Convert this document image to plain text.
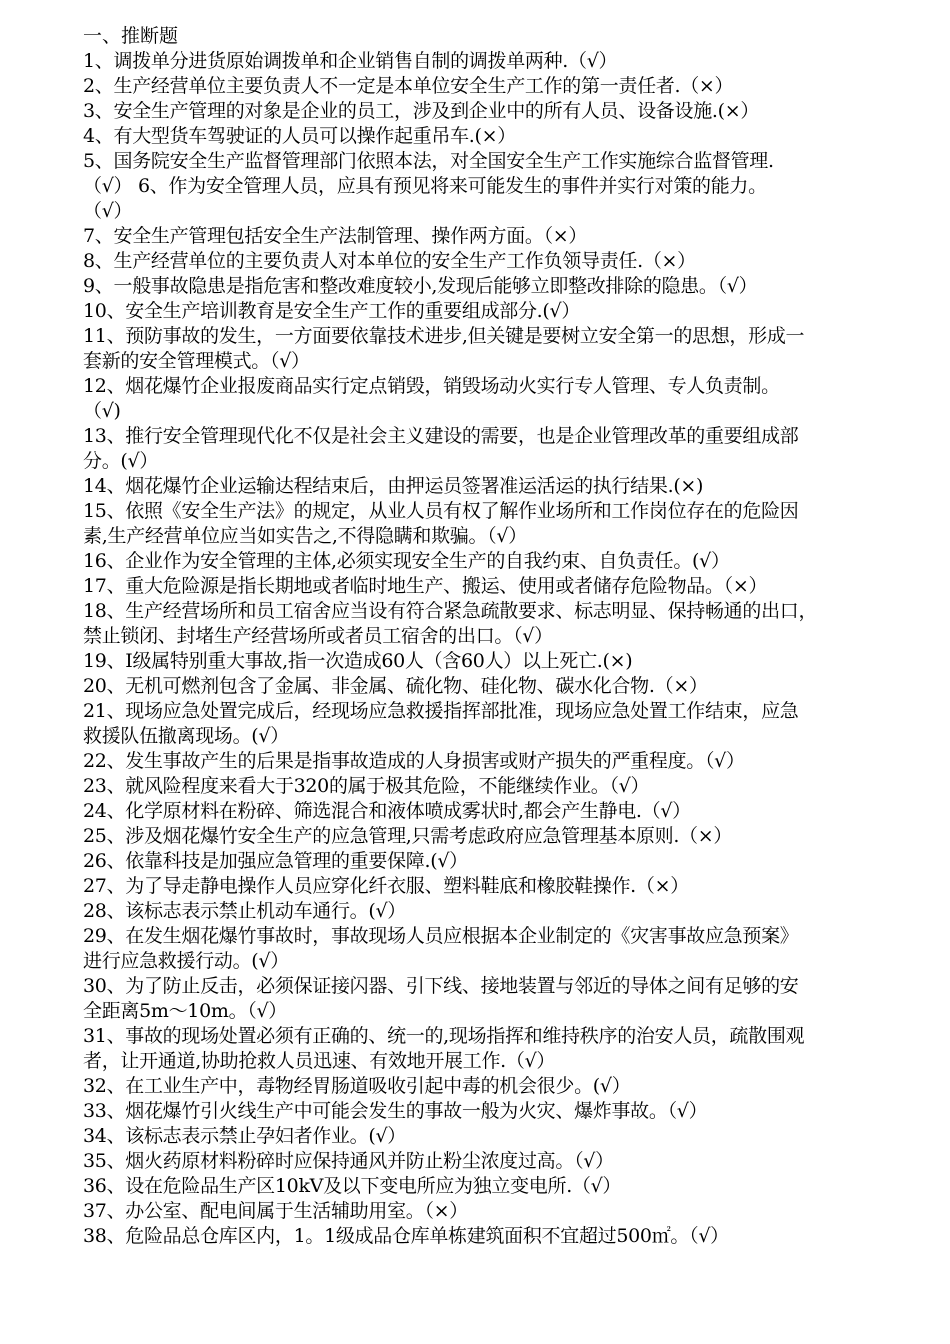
一、推断题
1、调拨单分进货原始调拨单和企业销售自制的调拨单两种.（√）
2、生产经营单位主要负责人不一定是本单位安全生产工作的第一责任者.（×）
3、安全生产管理的对象是企业的员工，涉及到企业中的所有人员、设备设施.(×）
4、有大型货车驾驶证的人员可以操作起重吊车.(×）
5、国务院安全生产监督管理部门依照本法，对全国安全生产工作实施综合监督管理.
（√） 6、作为安全管理人员，应具有预见将来可能发生的事件并实行对策的能力。
（√）
7、安全生产管理包括安全生产法制管理、操作两方面。（×）
8、生产经营单位的主要负责人对本单位的安全生产工作负领导责任.（×）
9、一般事故隐患是指危害和整改难度较小,发现后能够立即整改排除的隐患。（√）
10、安全生产培训教育是安全生产工作的重要组成部分.(√）
11、预防事故的发生，一方面要依靠技术进步,但关键是要树立安全第一的思想，形成一
套新的安全管理模式。（√）
12、烟花爆竹企业报废商品实行定点销毁，销毁场动火实行专人管理、专人负责制。
（√)
13、推行安全管理现代化不仅是社会主义建设的需要，也是企业管理改革的重要组成部
分。(√）
14、烟花爆竹企业运输达程结束后，由押运员签署准运活运的执行结果.(×)
15、依照《安全生产法》的规定，从业人员有权了解作业场所和工作岗位存在的危险因
素,生产经营单位应当如实告之,不得隐瞒和欺骗。（√）
16、企业作为安全管理的主体,必须实现安全生产的自我约束、自负责任。(√）
17、重大危险源是指长期地或者临时地生产、搬运、使用或者储存危险物品。（×）
18、生产经营场所和员工宿舍应当设有符合紧急疏散要求、标志明显、保持畅通的出口，
禁止锁闭、封堵生产经营场所或者员工宿舍的出口。（√）
19、Ⅰ级属特别重大事故,指一次造成60人（含60人）以上死亡.(×)
20、无机可燃剂包含了金属、非金属、硫化物、硅化物、碳水化合物.（×）
21、现场应急处置完成后，经现场应急救援指挥部批准，现场应急处置工作结束，应急
救援队伍撤离现场。(√）
22、发生事故产生的后果是指事故造成的人身损害或财产损失的严重程度。（√）
23、就风险程度来看大于320的属于极其危险，不能继续作业。（√）
24、化学原材料在粉碎、筛选混合和液体喷成雾状时,都会产生静电.（√）
25、涉及烟花爆竹安全生产的应急管理,只需考虑政府应急管理基本原则.（×）
26、依靠科技是加强应急管理的重要保障.(√）
27、为了导走静电操作人员应穿化纤衣服、塑料鞋底和橡胶鞋操作.（×）
28、该标志表示禁止机动车通行。(√）
29、在发生烟花爆竹事故时，事故现场人员应根据本企业制定的《灾害事故应急预案》
进行应急救援行动。(√）
30、为了防止反击，必须保证接闪器、引下线、接地装置与邻近的导体之间有足够的安
全距离5m～10m。（√）
31、事故的现场处置必须有正确的、统一的,现场指挥和维持秩序的治安人员，疏散围观
者，让开通道,协助抢救人员迅速、有效地开展工作.（√）
32、在工业生产中，毒物经胃肠道吸收引起中毒的机会很少。(√）
33、烟花爆竹引火线生产中可能会发生的事故一般为火灾、爆炸事故。（√）
34、该标志表示禁止孕妇者作业。(√）
35、烟火药原材料粉碎时应保持通风并防止粉尘浓度过高。（√）
36、设在危险品生产区10kV及以下变电所应为独立变电所.（√）
37、办公室、配电间属于生活辅助用室。（×）
38、危险品总仓库区内，1。1级成品仓库单栋建筑面积不宜超过500㎡。（√）
